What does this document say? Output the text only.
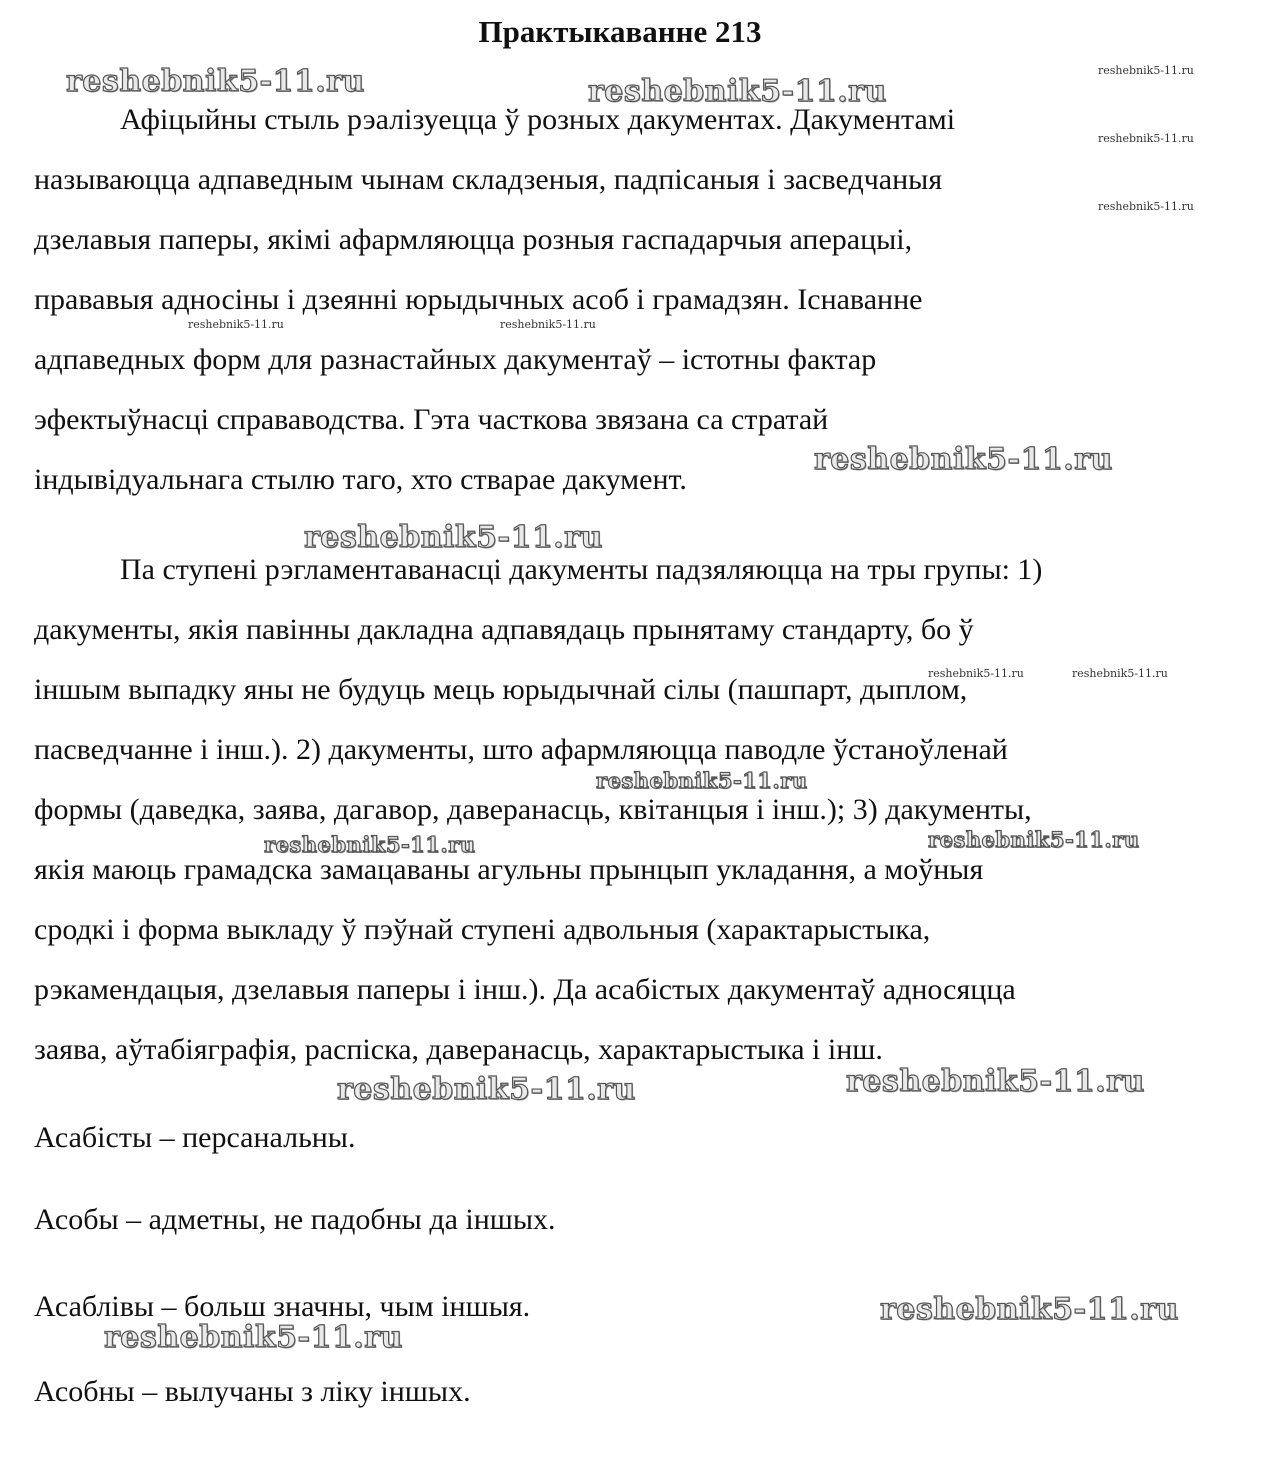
Практыкаванне 213
Афіцыйны стыль рэалізуецца ў розных дакументах. Дакументамі
называюцца адпаведным чынам складзеныя, падпісаныя і засведчаныя
дзелавыя паперы, якімі афармляюцца розныя гаспадарчыя аперацыі,
прававыя адносіны і дзеянні юрыдычных асоб і грамадзян. Існаванне
адпаведных форм для разнастайных дакументаў – істотны фактар
эфектыўнасці справаводства. Гэта часткова звязана са стратай
індывідуальнага стылю таго, хто стварае дакумент.
Па ступені рэгламентаванасці дакументы падзяляюцца на тры групы: 1)
дакументы, якія павінны дакладна адпавядаць прынятаму стандарту, бо ў
іншым выпадку яны не будуць мець юрыдычнай сілы (пашпарт, дыплом,
пасведчанне і інш.). 2) дакументы, што афармляюцца паводле ўстаноўленай
формы (даведка, заява, дагавор, даверанасць, квітанцыя і інш.); 3) дакументы,
якія маюць грамадска замацаваны агульны прынцып укладання, а моўныя
сродкі і форма выкладу ў пэўнай ступені адвольныя (характарыстыка,
рэкамендацыя, дзелавыя паперы і інш.). Да асабістых дакументаў адносяцца
заява, аўтабіяграфія, распіска, даверанасць, характарыстыка і інш.
Асабісты – персанальны.
Асобы – адметны, не падобны да іншых.
Асаблівы – больш значны, чым іншыя.
Асобны – вылучаны з ліку іншых.
reshebnik5-11.ru	reshebnik5-11.ru
reshebnik5-11.ru
reshebnik5-11.ru
reshebnik5-11.ru
reshebnik5-11.ru	reshebnik5-11.ru
reshebnik5-11.ru
reshebnik5-11.ru
reshebnik5-11.ru	reshebnik5-11.ru
reshebnik5-11.ru
reshebnik5-11.ru	reshebnik5-11.ru
reshebnik5-11.ru	reshebnik5-11.ru
reshebnik5-11.ru
reshebnik5-11.ru
